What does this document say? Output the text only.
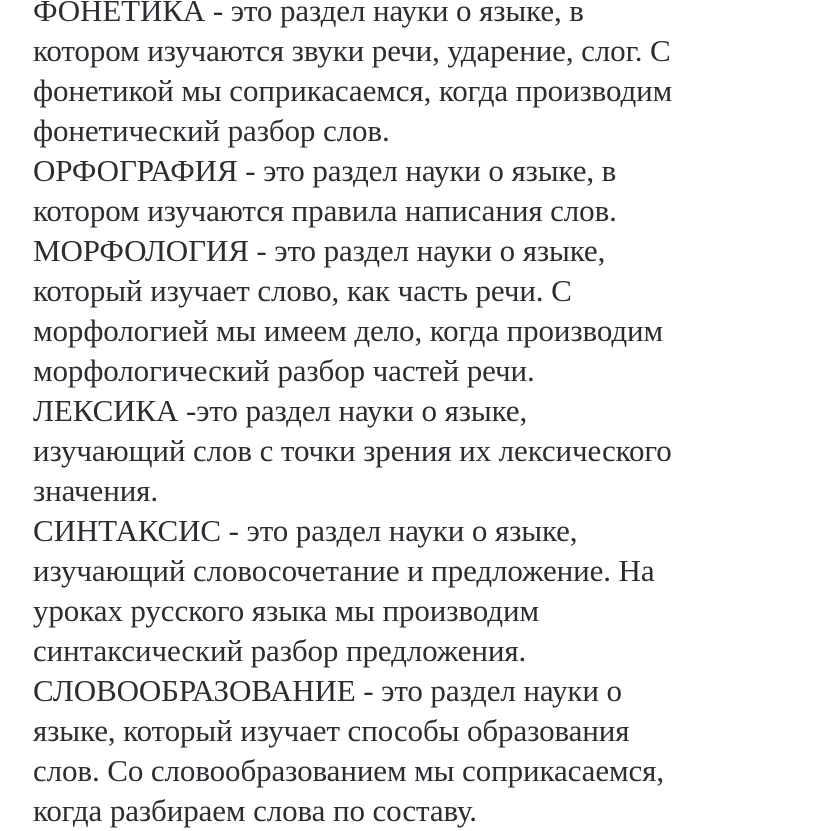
ФОНЕТИКА - это раздел науки о языке, в
котором изучаются звуки речи, ударение, слог. С
фонетикой мы соприкасаемся, когда производим
фонетический разбор слов.
ОРФОГРАФИЯ - это раздел науки о языке, в
котором изучаются правила написания слов.
МОРФОЛОГИЯ - это раздел науки о языке,
который изучает слово, как часть речи. С
морфологией мы имеем дело, когда производим
морфологический разбор частей речи.
ЛЕКСИКА -это раздел науки о языке,
изучающий слов с точки зрения их лексического
значения.
СИНТАКСИС - это раздел науки о языке,
изучающий словосочетание и предложение. На
уроках русского языка мы производим
синтаксический разбор предложения.
СЛОВООБРАЗОВАНИЕ - это раздел науки о
языке, который изучает способы образования
слов. Со словообразованием мы соприкасаемся,
когда разбираем слова по составу.
